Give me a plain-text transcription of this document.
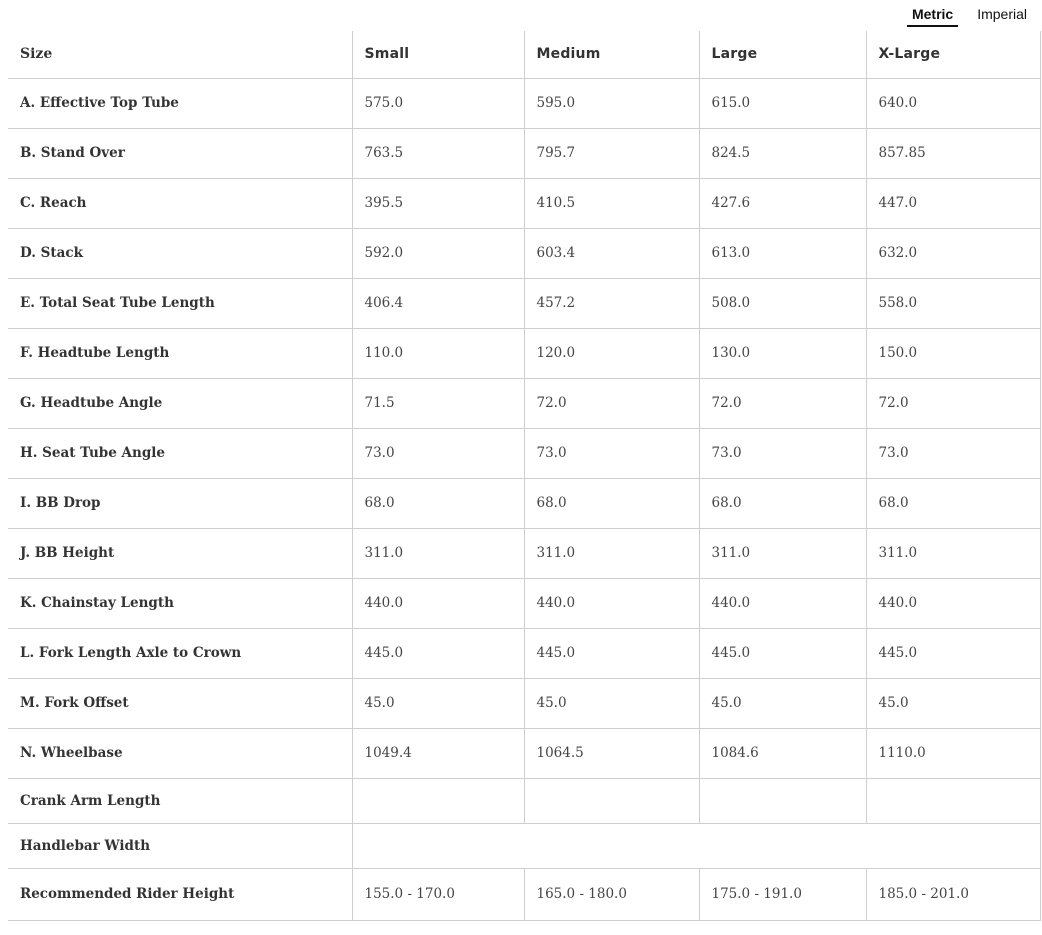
Metric	Imperial
Size	Small	Medium	Large	X-Large
A. Effective Top Tube	575.0	595.0	615.0	640.0
B. Stand Over	763.5	795.7	824.5	857.85
C. Reach	395.5	410.5	427.6	447.0
D. Stack	592.0	603.4	613.0	632.0
E. Total Seat Tube Length	406.4	457.2	508.0	558.0
F. Headtube Length	110.0	120.0	130.0	150.0
G. Headtube Angle	71.5	72.0	72.0	72.0
H. Seat Tube Angle	73.0	73.0	73.0	73.0
I. BB Drop	68.0	68.0	68.0	68.0
J. BB Height	311.0	311.0	311.0	311.0
K. Chainstay Length	440.0	440.0	440.0	440.0
L. Fork Length Axle to Crown	445.0	445.0	445.0	445.0
M. Fork Offset	45.0	45.0	45.0	45.0
N. Wheelbase	1049.4	1064.5	1084.6	1110.0
Crank Arm Length				
Handlebar Width				
Recommended Rider Height	155.0 - 170.0	165.0 - 180.0	175.0 - 191.0	185.0 - 201.0
